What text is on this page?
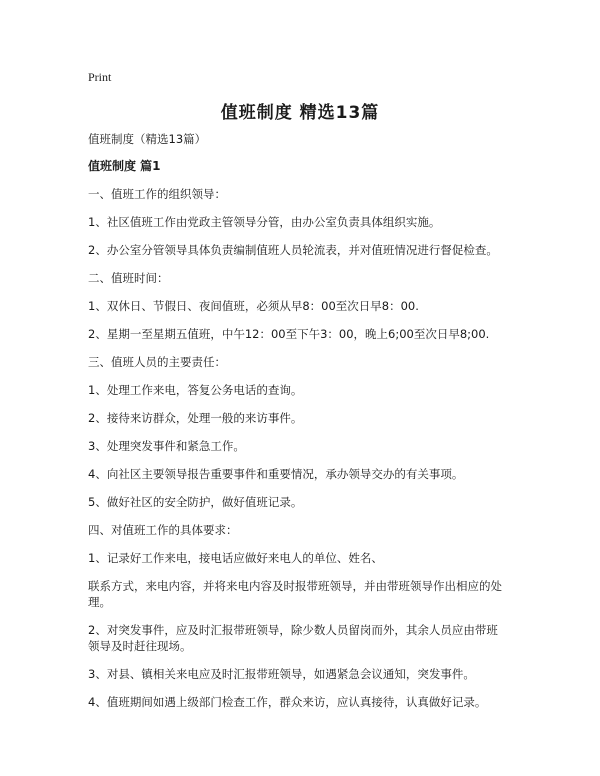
Print
值班制度 精选13篇

值班制度（精选13篇）

值班制度 篇1

一、值班工作的组织领导：

1、社区值班工作由党政主管领导分管，由办公室负责具体组织实施。

2、办公室分管领导具体负责编制值班人员轮流表，并对值班情况进行督促检查。

二、值班时间：

1、双休日、节假日、夜间值班，必须从早8：00至次日早8：00.

2、星期一至星期五值班，中午12：00至下午3：00，晚上6;00至次日早8;00.

三、值班人员的主要责任：

1、处理工作来电，答复公务电话的查询。

2、接待来访群众，处理一般的来访事件。

3、处理突发事件和紧急工作。

4、向社区主要领导报告重要事件和重要情况，承办领导交办的有关事项。

5、做好社区的安全防护，做好值班记录。

四、对值班工作的具体要求：

1、记录好工作来电，接电话应做好来电人的单位、姓名、

联系方式，来电内容，并将来电内容及时报带班领导，并由带班领导作出相应的处理。

2、对突发事件，应及时汇报带班领导，除少数人员留岗而外，其余人员应由带班领导及时赶往现场。

3、对县、镇相关来电应及时汇报带班领导，如遇紧急会议通知，突发事件。

4、值班期间如遇上级部门检查工作，群众来访，应认真接待，认真做好记录。
